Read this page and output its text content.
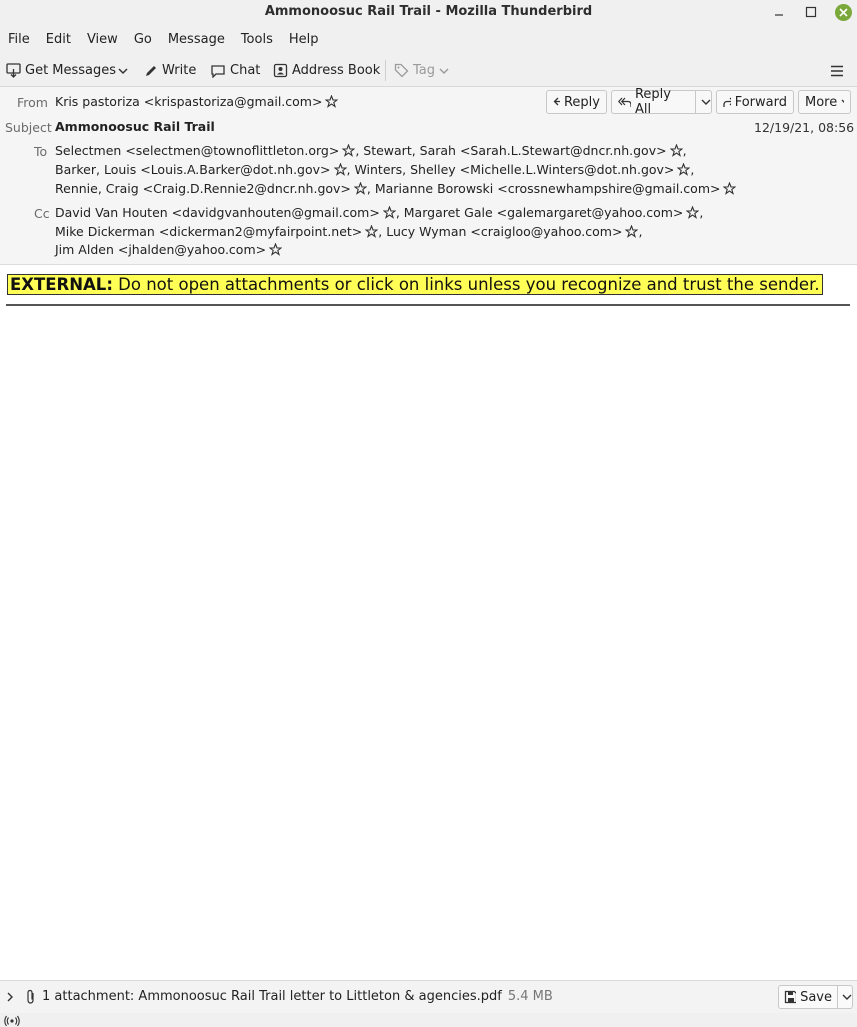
Ammonoosuc Rail Trail - Mozilla Thunderbird
File	Edit	View	Go	Message	Tools	Help
Get Messages	Write	Chat Address Book	Tag
From Kris pastoriza <krispastoriza@gmail.com>
Subject Ammonoosuc Rail Trail	12/19/21, 08:56
To Selectmen <selectmen@townoflittleton.org> , Stewart, Sarah <Sarah.L.Stewart@dncr.nh.gov> ,
Barker, Louis <Louis.A.Barker@dot.nh.gov> , Winters, Shelley <Michelle.L.Winters@dot.nh.gov> ,
Rennie, Craig <Craig.D.Rennie2@dncr.nh.gov> , Marianne Borowski <crossnewhampshire@gmail.com>
Cc David Van Houten <davidgvanhouten@gmail.com> , Margaret Gale <galemargaret@yahoo.com> ,
Mike Dickerman <dickerman2@myfairpoint.net> , Lucy Wyman <craigloo@yahoo.com> ,
Jim Alden <jhalden@yahoo.com>
Reply	Reply All	Forward More
EXTERNAL: Do not open attachments or click on links unless you recognize and trust the sender.
1 attachment: Ammonoosuc Rail Trail letter to Littleton & agencies.pdf 5.4 MB	Save
